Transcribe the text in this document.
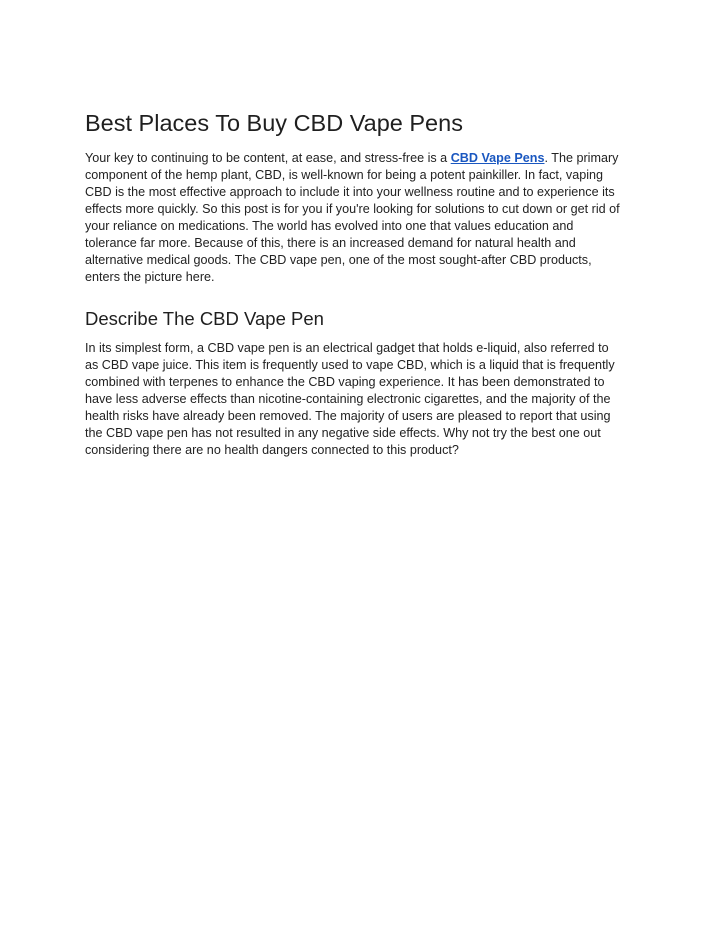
Best Places To Buy CBD Vape Pens

Your key to continuing to be content, at ease, and stress-free is a CBD Vape Pens. The primary
component of the hemp plant, CBD, is well-known for being a potent painkiller. In fact, vaping
CBD is the most effective approach to include it into your wellness routine and to experience its
effects more quickly. So this post is for you if you're looking for solutions to cut down or get rid of
your reliance on medications. The world has evolved into one that values education and
tolerance far more. Because of this, there is an increased demand for natural health and
alternative medical goods. The CBD vape pen, one of the most sought-after CBD products,
enters the picture here.

Describe The CBD Vape Pen

In its simplest form, a CBD vape pen is an electrical gadget that holds e-liquid, also referred to
as CBD vape juice. This item is frequently used to vape CBD, which is a liquid that is frequently
combined with terpenes to enhance the CBD vaping experience. It has been demonstrated to
have less adverse effects than nicotine-containing electronic cigarettes, and the majority of the
health risks have already been removed. The majority of users are pleased to report that using
the CBD vape pen has not resulted in any negative side effects. Why not try the best one out
considering there are no health dangers connected to this product?
